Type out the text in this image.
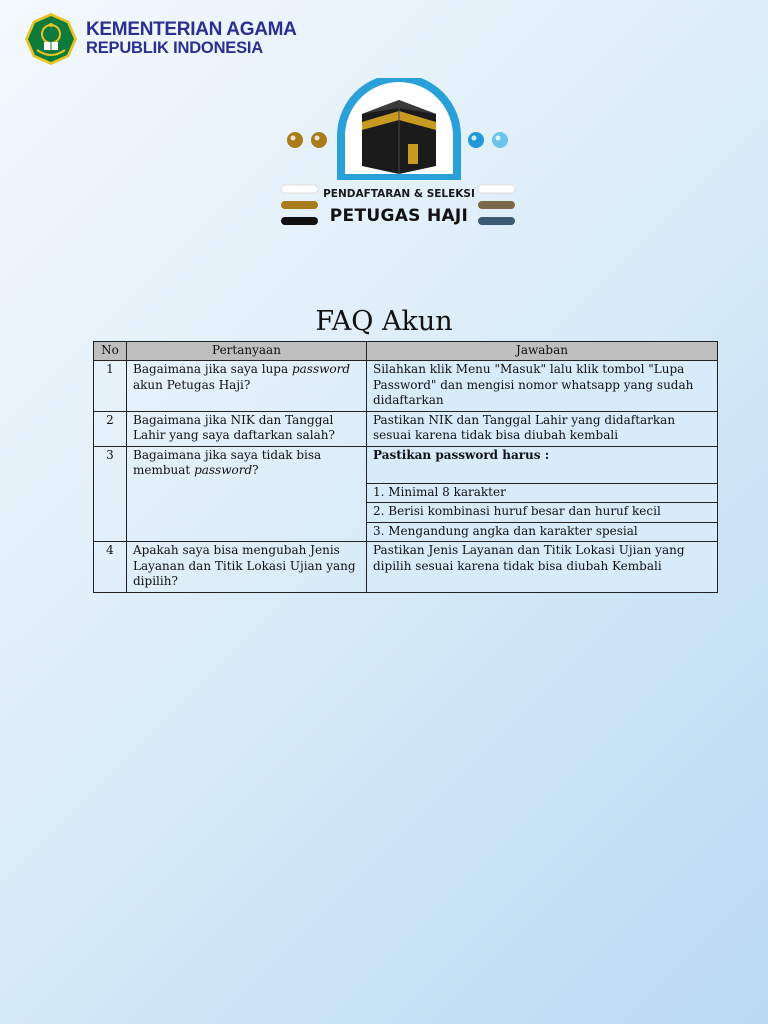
KEMENTERIAN AGAMA
REPUBLIK INDONESIA
PENDAFTARAN & SELEKSI
PETUGAS HAJI
FAQ Akun
No	Pertanyaan	Jawaban
1	Bagaimana jika saya lupa password akun Petugas Haji?	Silahkan klik Menu "Masuk" lalu klik tombol "Lupa Password" dan mengisi nomor whatsapp yang sudah didaftarkan
2	Bagaimana jika NIK dan Tanggal Lahir yang saya daftarkan salah?	Pastikan NIK dan Tanggal Lahir yang didaftarkan sesuai karena tidak bisa diubah kembali
3	Bagaimana jika saya tidak bisa membuat password?	Pastikan password harus :
		1. Minimal 8 karakter
		2. Berisi kombinasi huruf besar dan huruf kecil
		3. Mengandung angka dan karakter spesial
4	Apakah saya bisa mengubah Jenis Layanan dan Titik Lokasi Ujian yang dipilih?	Pastikan Jenis Layanan dan Titik Lokasi Ujian yang dipilih sesuai karena tidak bisa diubah Kembali
